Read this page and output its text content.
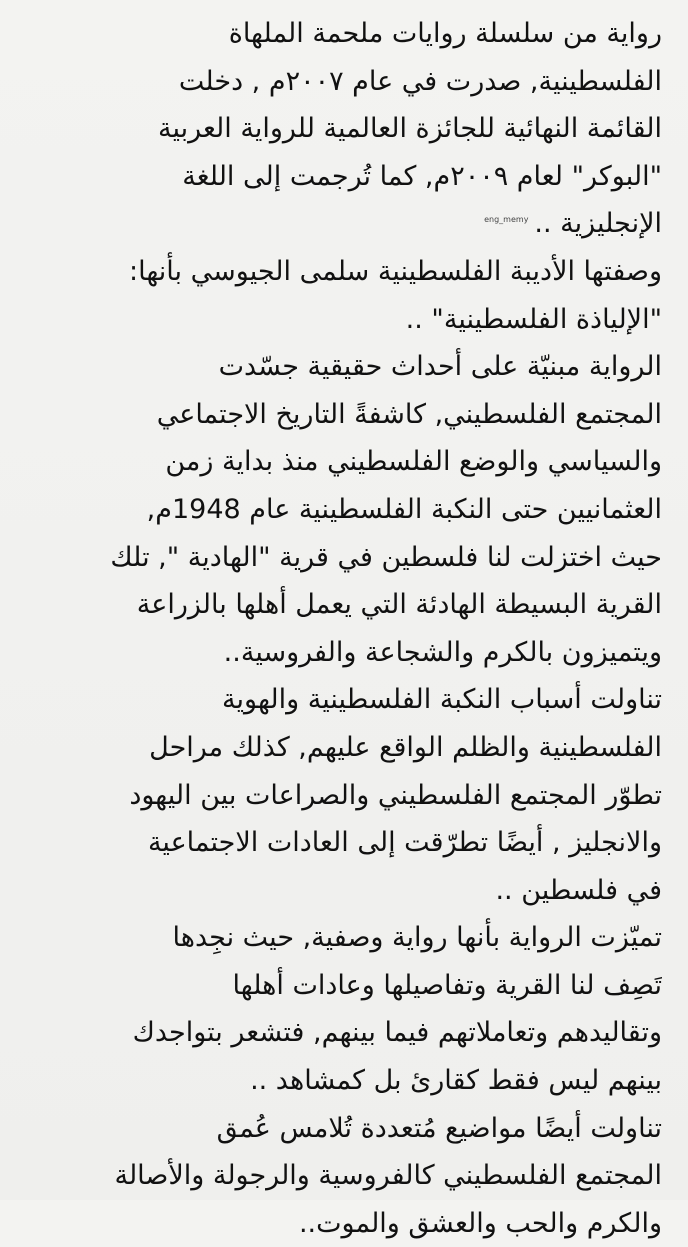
رواية من سلسلة روايات ملحمة الملهاة
الفلسطينية, صدرت في عام ٢٠٠٧م , دخلت
القائمة النهائية للجائزة العالمية للرواية العربية
"البوكر" لعام ٢٠٠٩م, كما تُرجمت إلى اللغة
الإنجليزية ..eng_memy
وصفتها الأديبة الفلسطينية سلمى الجيوسي بأنها:
"الإلياذة الفلسطينية" ..
الرواية مبنيّة على أحداث حقيقية جسّدت
المجتمع الفلسطيني, كاشفةً التاريخ الاجتماعي
والسياسي والوضع الفلسطيني منذ بداية زمن
العثمانيين حتى النكبة الفلسطينية عام 1948م,
حيث اختزلت لنا فلسطين في قرية "الهادية ", تلك
القرية البسيطة الهادئة التي يعمل أهلها بالزراعة
ويتميزون بالكرم والشجاعة والفروسية..
تناولت أسباب النكبة الفلسطينية والهوية
الفلسطينية والظلم الواقع عليهم, كذلك مراحل
تطوّر المجتمع الفلسطيني والصراعات بين اليهود
والانجليز , أيضًا تطرّقت إلى العادات الاجتماعية
في فلسطين ..
تميّزت الرواية بأنها رواية وصفية, حيث نجِدها
تَصِف لنا القرية وتفاصيلها وعادات أهلها
وتقاليدهم وتعاملاتهم فيما بينهم, فتشعر بتواجدك
بينهم ليس فقط كقارئ بل كمشاهد ..
تناولت أيضًا مواضيع مُتعددة تُلامس عُمق
المجتمع الفلسطيني كالفروسية والرجولة والأصالة
والكرم والحب والعشق والموت..
